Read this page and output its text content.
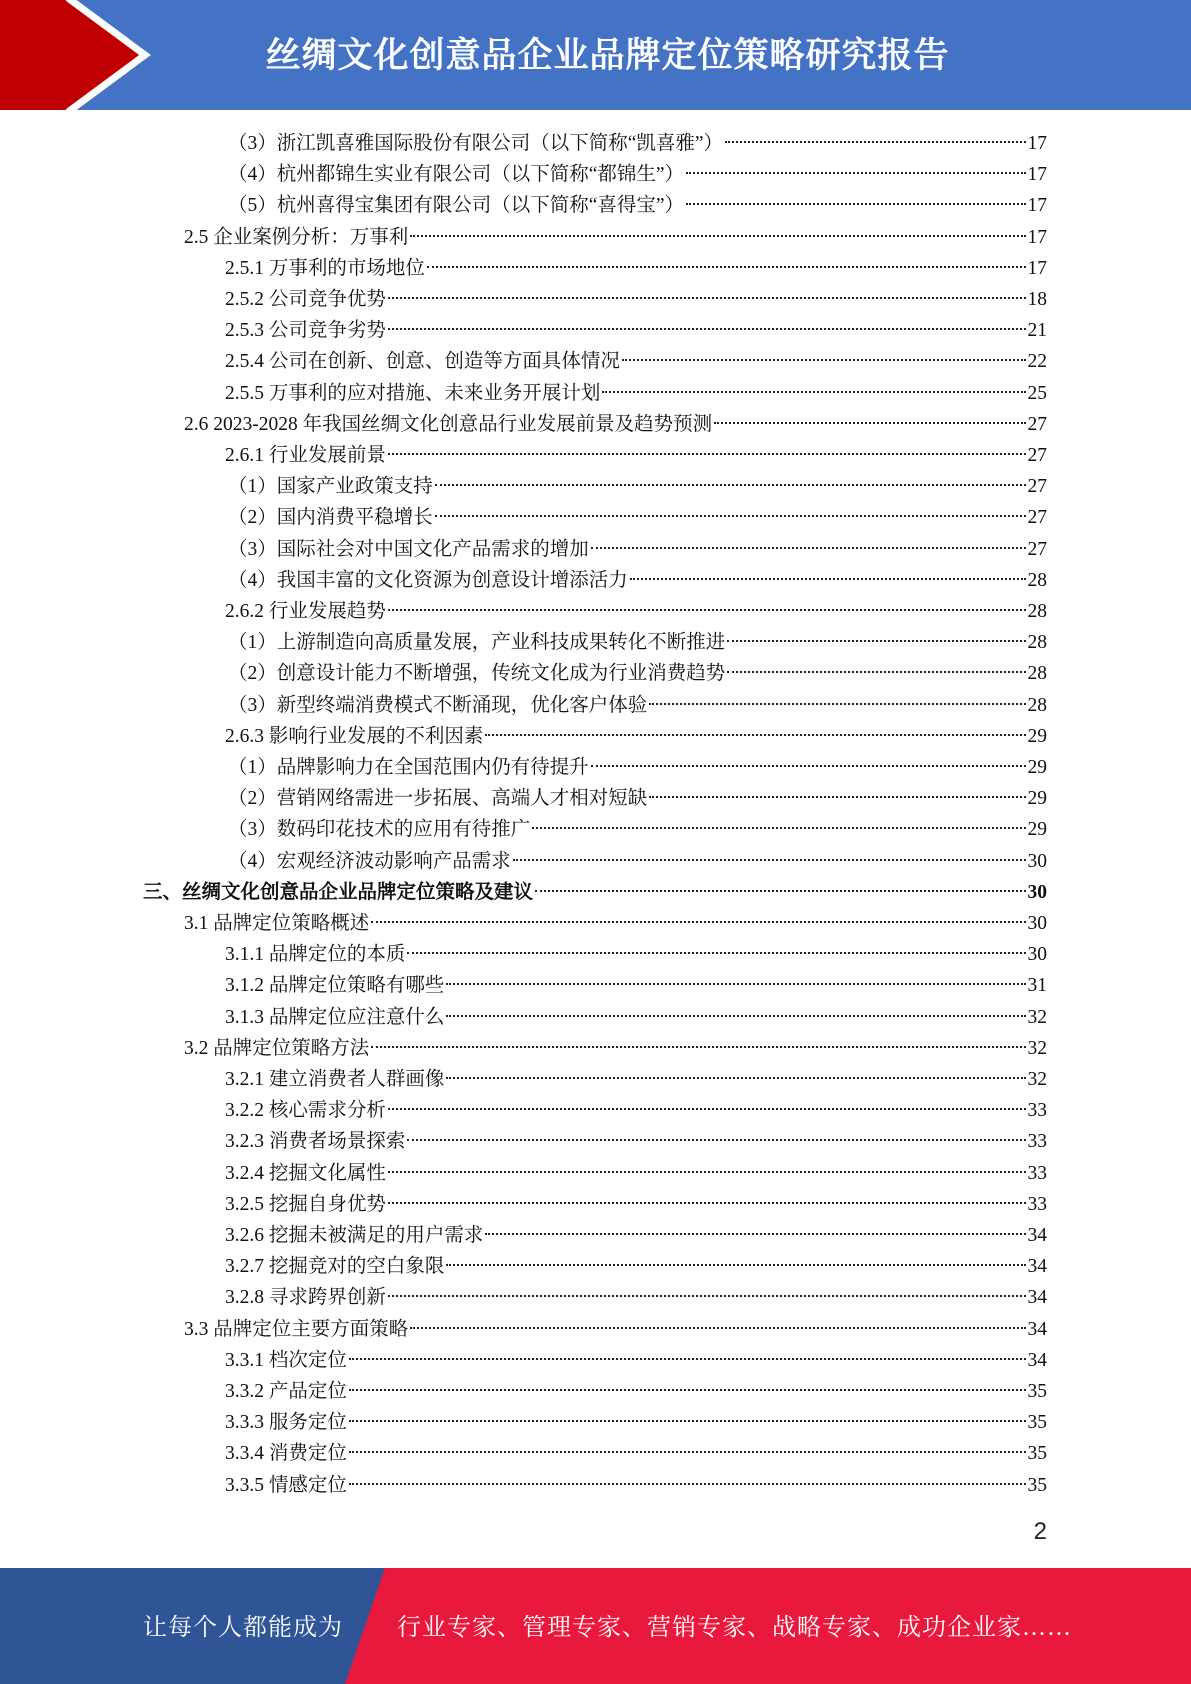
丝绸文化创意品企业品牌定位策略研究报告
（3）浙江凯喜雅国际股份有限公司（以下简称“凯喜雅”）	17
（4）杭州都锦生实业有限公司（以下简称“都锦生”）	17
（5）杭州喜得宝集团有限公司（以下简称“喜得宝”）	17
2.5 企业案例分析：万事利	17
2.5.1 万事利的市场地位	17
2.5.2 公司竞争优势	18
2.5.3 公司竞争劣势	21
2.5.4 公司在创新、创意、创造等方面具体情况	22
2.5.5 万事利的应对措施、未来业务开展计划	25
2.6 2023-2028 年我国丝绸文化创意品行业发展前景及趋势预测	27
2.6.1 行业发展前景	27
（1）国家产业政策支持	27
（2）国内消费平稳增长	27
（3）国际社会对中国文化产品需求的增加	27
（4）我国丰富的文化资源为创意设计增添活力	28
2.6.2 行业发展趋势	28
（1）上游制造向高质量发展，产业科技成果转化不断推进	28
（2）创意设计能力不断增强，传统文化成为行业消费趋势	28
（3）新型终端消费模式不断涌现，优化客户体验	28
2.6.3 影响行业发展的不利因素	29
（1）品牌影响力在全国范围内仍有待提升	29
（2）营销网络需进一步拓展、高端人才相对短缺	29
（3）数码印花技术的应用有待推广	29
（4）宏观经济波动影响产品需求	30
三、丝绸文化创意品企业品牌定位策略及建议	30
3.1 品牌定位策略概述	30
3.1.1 品牌定位的本质	30
3.1.2 品牌定位策略有哪些	31
3.1.3 品牌定位应注意什么	32
3.2 品牌定位策略方法	32
3.2.1 建立消费者人群画像	32
3.2.2 核心需求分析	33
3.2.3 消费者场景探索	33
3.2.4 挖掘文化属性	33
3.2.5 挖掘自身优势	33
3.2.6 挖掘未被满足的用户需求	34
3.2.7 挖掘竞对的空白象限	34
3.2.8 寻求跨界创新	34
3.3 品牌定位主要方面策略	34
3.3.1 档次定位	34
3.3.2 产品定位	35
3.3.3 服务定位	35
3.3.4 消费定位	35
3.3.5 情感定位	35
2
让每个人都能成为 行业专家、管理专家、营销专家、战略专家、成功企业家……
